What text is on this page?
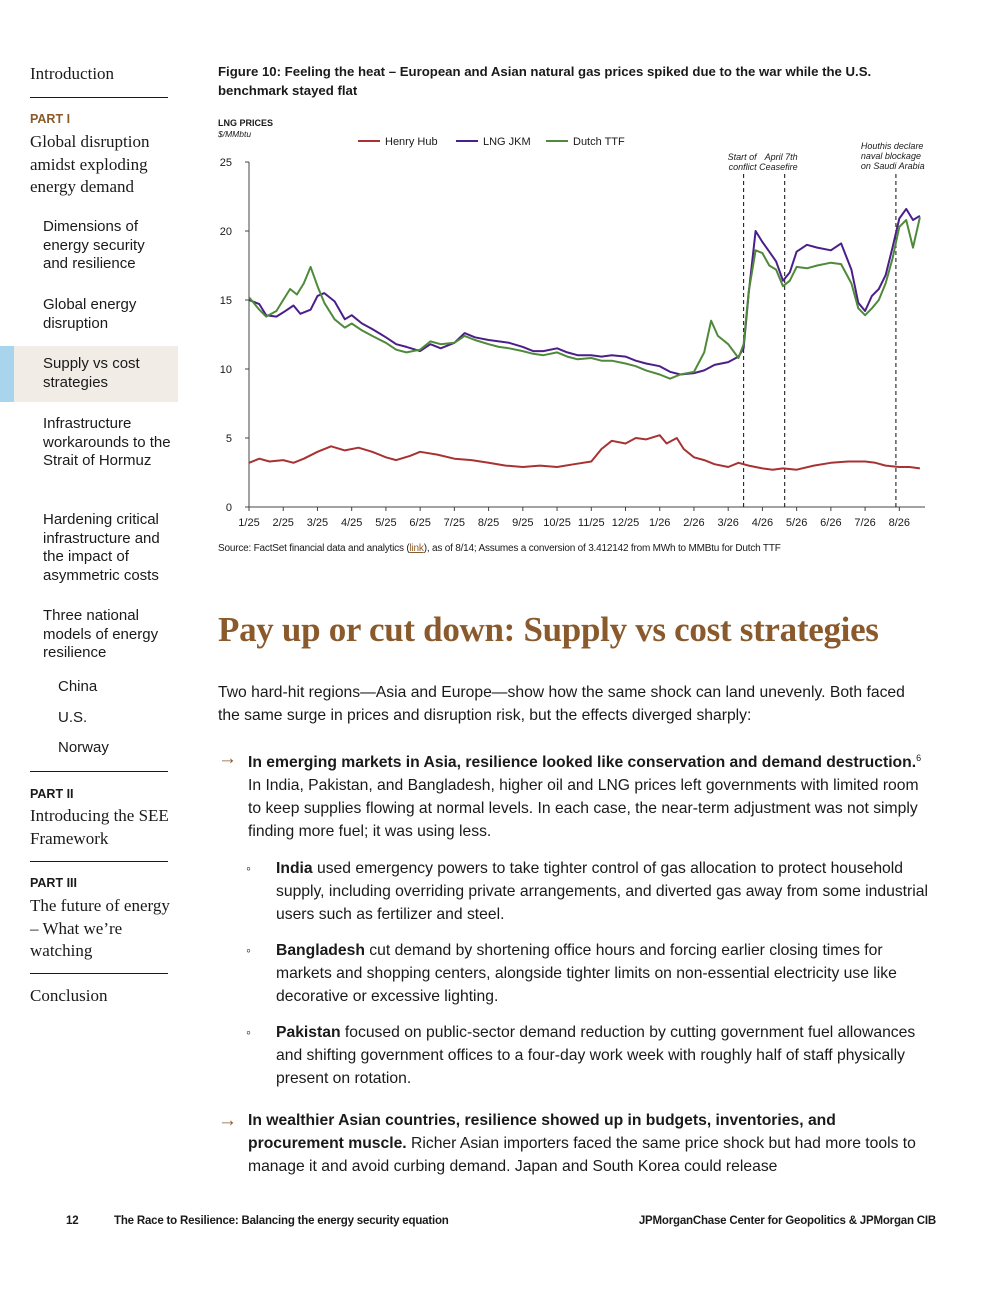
Introduction
PART I
Global disruption amidst exploding energy demand
Dimensions of energy security and resilience
Global energy disruption
Supply vs cost strategies
Infrastructure workarounds to the Strait of Hormuz
Hardening critical infrastructure and the impact of asymmetric costs
Three national models of energy resilience
China
U.S.
Norway
PART II
Introducing the SEE Framework
PART III
The future of energy – What we’re watching
Conclusion
Figure 10: Feeling the heat – European and Asian natural gas prices spiked due to the war while the U.S. benchmark stayed flat
LNG PRICES
$/MMbtu
0
5
10
15
20
25
1/25 2/25 3/25 4/25 5/25 6/25 7/25 8/25 9/25 10/25 11/25 12/25 1/26 2/26 3/26 4/26 5/26 6/26 7/26 8/26
Start of
conflict
April 7th
Ceasefire
Houthis declare
naval blockage
on Saudi Arabia
Henry Hub	LNG JKM	Dutch TTF
Source: FactSet financial data and analytics (link), as of 8/14; Assumes a conversion of 3.412142 from MWh to MMBtu for Dutch TTF
Pay up or cut down: Supply vs cost strategies

Two hard-hit regions—Asia and Europe—show how the same shock can land unevenly. Both faced the same surge in prices and disruption risk, but the effects diverged sharply:

→ In emerging markets in Asia, resilience looked like conservation and demand destruction.$^6$ In India, Pakistan, and Bangladesh, higher oil and LNG prices left governments with limited room to keep supplies flowing at normal levels. In each case, the near-term adjustment was not simply finding more fuel; it was using less.

◦ India used emergency powers to take tighter control of gas allocation to protect household supply, including overriding private arrangements, and diverted gas away from some industrial users such as fertilizer and steel.

◦ Bangladesh cut demand by shortening office hours and forcing earlier closing times for markets and shopping centers, alongside tighter limits on non-essential electricity use like decorative or excessive lighting.

◦ Pakistan focused on public-sector demand reduction by cutting government fuel allowances and shifting government offices to a four-day work week with roughly half of staff physically present on rotation.

→ In wealthier Asian countries, resilience showed up in budgets, inventories, and procurement muscle. Richer Asian importers faced the same price shock but had more tools to manage it and avoid curbing demand. Japan and South Korea could release

12	The Race to Resilience: Balancing the energy security equation	JPMorganChase Center for Geopolitics & JPMorgan CIB
